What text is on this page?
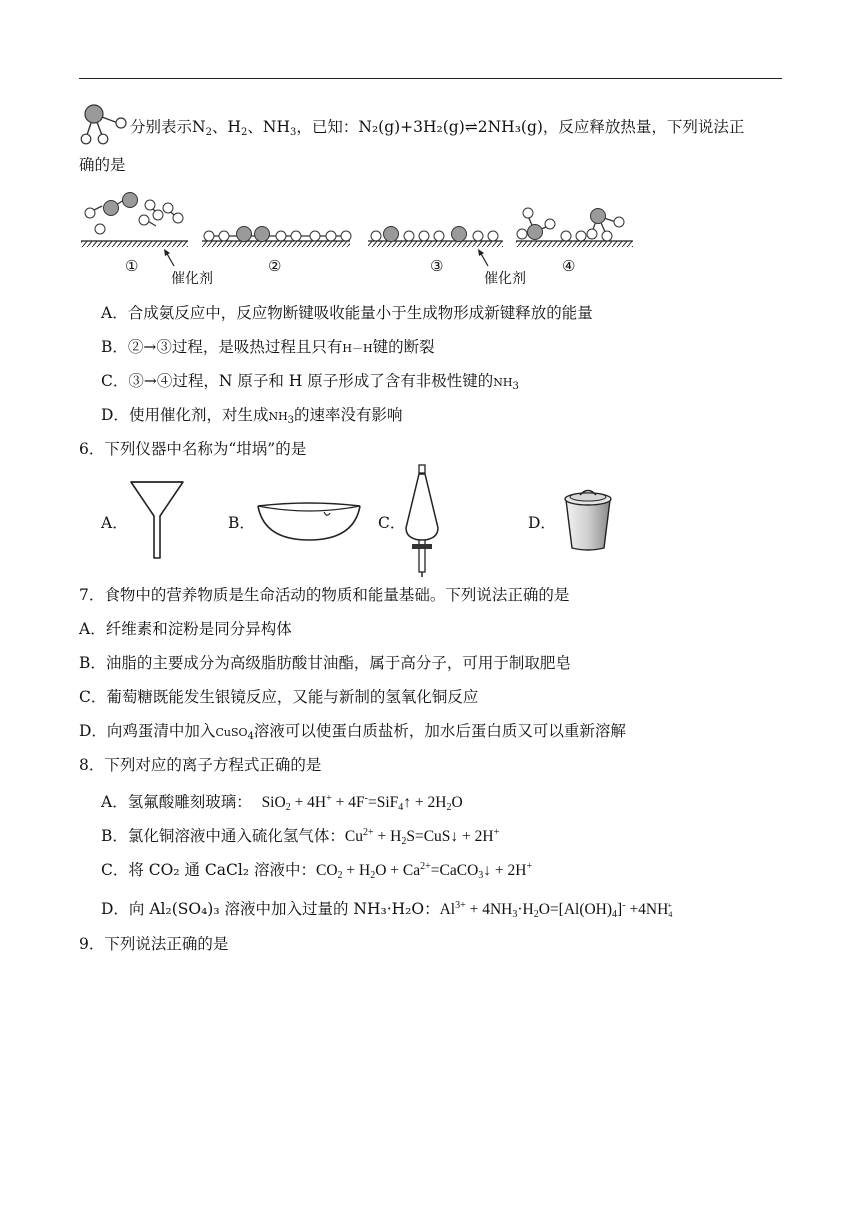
分别表示$N_2$、$H_2$、$NH_3$，已知：N₂(g)+3H₂(g)⇌2NH₃(g)，反应释放热量，下列说法正
确的是
①
催化剂
②	③
催化剂
④
A．合成氨反应中，反应物断键吸收能量小于生成物形成新键释放的能量
B．②→③过程，是吸热过程且只有H－H键的断裂
C．③→④过程，N 原子和 H 原子形成了含有非极性键的$NH_3$
D．使用催化剂，对生成$NH_3$的速率没有影响
6．下列仪器中名称为“坩埚”的是
A．	B．	C．	D．
7．食物中的营养物质是生命活动的物质和能量基础。下列说法正确的是
A．纤维素和淀粉是同分异构体
B．油脂的主要成分为高级脂肪酸甘油酯，属于高分子，可用于制取肥皂
C．葡萄糖既能发生银镜反应，又能与新制的氢氧化铜反应
D．向鸡蛋清中加入CuSO$_4$溶液可以使蛋白质盐析，加水后蛋白质又可以重新溶解
8．下列对应的离子方程式正确的是
A．氢氟酸雕刻玻璃： SiO$_2$ + 4H+ + 4F-=SiF$_4$↑ + $2H_2O$
B．氯化铜溶液中通入硫化氢气体：$Cu^{2+}$ + $H_2S=CuS↓ + 2H^+$
C．将 CO₂ 通 CaCl₂ 溶液中：$CO_2 + H_2O$ + $Ca^{2+}=CaCO_3↓ + 2H^+$
D．向 Al₂(SO₄)₃ 溶液中加入过量的 NH₃·H₂O：$Al^{3+} + 4NH_3\cdot H_2O=[Al(OH)_4]^- +4NH_4^+$
9．下列说法正确的是
